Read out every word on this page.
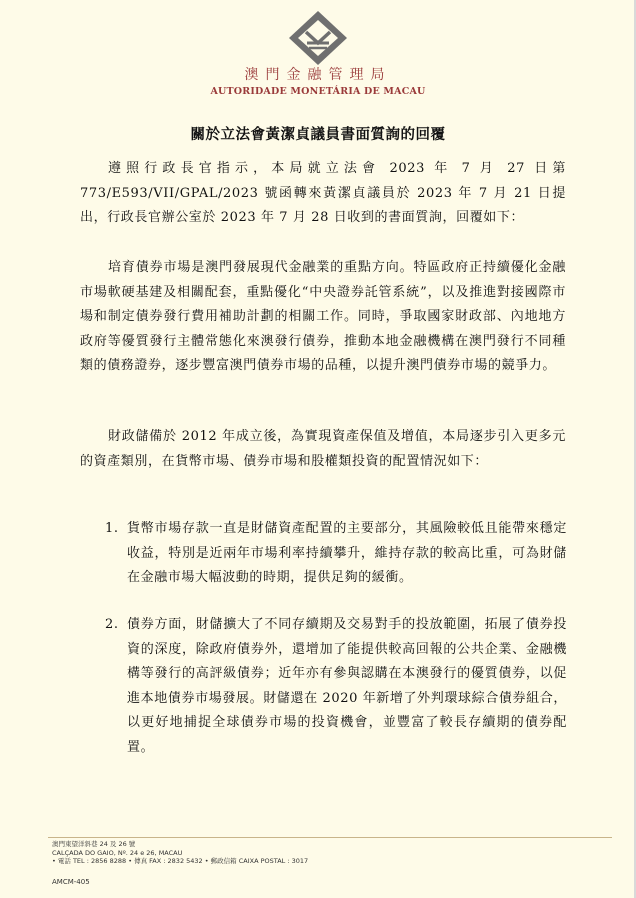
澳門金融管理局
AUTORIDADE MONETÁRIA DE MACAU
關於立法會黃潔貞議員書面質詢的回覆
遵照行政長官指示，本局就立法會 2023 年 7 月 27 日第 773/E593/VII/GPAL/2023 號函轉來黃潔貞議員於 2023 年 7 月 21 日提出，行政長官辦公室於 2023 年 7 月 28 日收到的書面質詢，回覆如下：
培育債券市場是澳門發展現代金融業的重點方向。特區政府正持續優化金融市場軟硬基建及相關配套，重點優化“中央證券託管系統”，以及推進對接國際市場和制定債券發行費用補助計劃的相關工作。同時，爭取國家財政部、內地地方政府等優質發行主體常態化來澳發行債券，推動本地金融機構在澳門發行不同種類的債務證券，逐步豐富澳門債券市場的品種，以提升澳門債券市場的競爭力。
財政儲備於 2012 年成立後，為實現資產保值及增值，本局逐步引入更多元的資產類別，在貨幣市場、債券市場和股權類投資的配置情況如下：
1. 貨幣市場存款一直是財儲資產配置的主要部分，其風險較低且能帶來穩定收益，特別是近兩年市場利率持續攀升，維持存款的較高比重，可為財儲在金融市場大幅波動的時期，提供足夠的緩衝。
2. 債券方面，財儲擴大了不同存續期及交易對手的投放範圍，拓展了債券投資的深度，除政府債券外，還增加了能提供較高回報的公共企業、金融機構等發行的高評級債券；近年亦有參與認購在本澳發行的優質債券，以促進本地債券市場發展。財儲還在 2020 年新增了外判環球綜合債券組合，以更好地捕捉全球債券市場的投資機會，並豐富了較長存續期的債券配置。
澳門東望洋斜巷 24 及 26 號
CALÇADA DO GAIO, Nº. 24 e 26, MACAU
• 電話 TEL : 2856 8288 • 傳真 FAX : 2832 5432 • 郵政信箱 CAIXA POSTAL : 3017
AMCM-405
